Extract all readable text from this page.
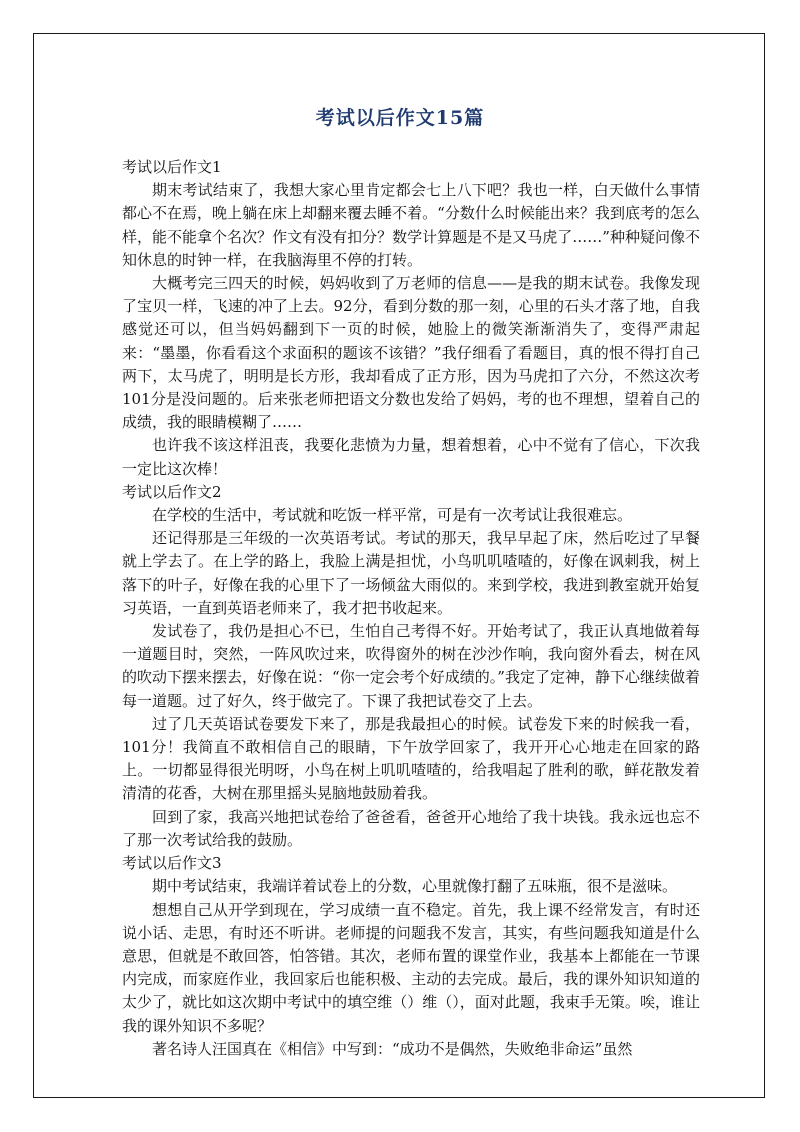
考试以后作文15篇
考试以后作文1

期末考试结束了，我想大家心里肯定都会七上八下吧？我也一样，白天做什么事情都心不在焉，晚上躺在床上却翻来覆去睡不着。“分数什么时候能出来？我到底考的怎么样，能不能拿个名次？作文有没有扣分？数学计算题是不是又马虎了……”种种疑问像不知休息的时钟一样，在我脑海里不停的打转。

大概考完三四天的时候，妈妈收到了万老师的信息——是我的期末试卷。我像发现了宝贝一样，飞速的冲了上去。92分，看到分数的那一刻，心里的石头才落了地，自我感觉还可以，但当妈妈翻到下一页的时候，她脸上的微笑渐渐消失了，变得严肃起来：“墨墨，你看看这个求面积的题该不该错？”我仔细看了看题目，真的恨不得打自己两下，太马虎了，明明是长方形，我却看成了正方形，因为马虎扣了六分，不然这次考101分是没问题的。后来张老师把语文分数也发给了妈妈，考的也不理想，望着自己的成绩，我的眼睛模糊了……

也许我不该这样沮丧，我要化悲愤为力量，想着想着，心中不觉有了信心，下次我一定比这次棒！

考试以后作文2

在学校的生活中，考试就和吃饭一样平常，可是有一次考试让我很难忘。

还记得那是三年级的一次英语考试。考试的那天，我早早起了床，然后吃过了早餐就上学去了。在上学的路上，我脸上满是担忧，小鸟叽叽喳喳的，好像在讽刺我，树上落下的叶子，好像在我的心里下了一场倾盆大雨似的。来到学校，我进到教室就开始复习英语，一直到英语老师来了，我才把书收起来。

发试卷了，我仍是担心不已，生怕自己考得不好。开始考试了，我正认真地做着每一道题目时，突然，一阵风吹过来，吹得窗外的树在沙沙作响，我向窗外看去，树在风的吹动下摆来摆去，好像在说：“你一定会考个好成绩的。”我定了定神，静下心继续做着每一道题。过了好久，终于做完了。下课了我把试卷交了上去。

过了几天英语试卷要发下来了，那是我最担心的时候。试卷发下来的时候我一看，101分！我简直不敢相信自己的眼睛，下午放学回家了，我开开心心地走在回家的路上。一切都显得很光明呀，小鸟在树上叽叽喳喳的，给我唱起了胜利的歌，鲜花散发着清清的花香，大树在那里摇头晃脑地鼓励着我。

回到了家，我高兴地把试卷给了爸爸看，爸爸开心地给了我十块钱。我永远也忘不了那一次考试给我的鼓励。

考试以后作文3

期中考试结束，我端详着试卷上的分数，心里就像打翻了五味瓶，很不是滋味。

想想自己从开学到现在，学习成绩一直不稳定。首先，我上课不经常发言，有时还说小话、走思，有时还不听讲。老师提的问题我不发言，其实，有些问题我知道是什么意思，但就是不敢回答，怕答错。其次，老师布置的课堂作业，我基本上都能在一节课内完成，而家庭作业，我回家后也能积极、主动的去完成。最后，我的课外知识知道的太少了，就比如这次期中考试中的填空维（）维（），面对此题，我束手无策。唉，谁让我的课外知识不多呢？

著名诗人汪国真在《相信》中写到：“成功不是偶然，失败绝非命运”虽然
